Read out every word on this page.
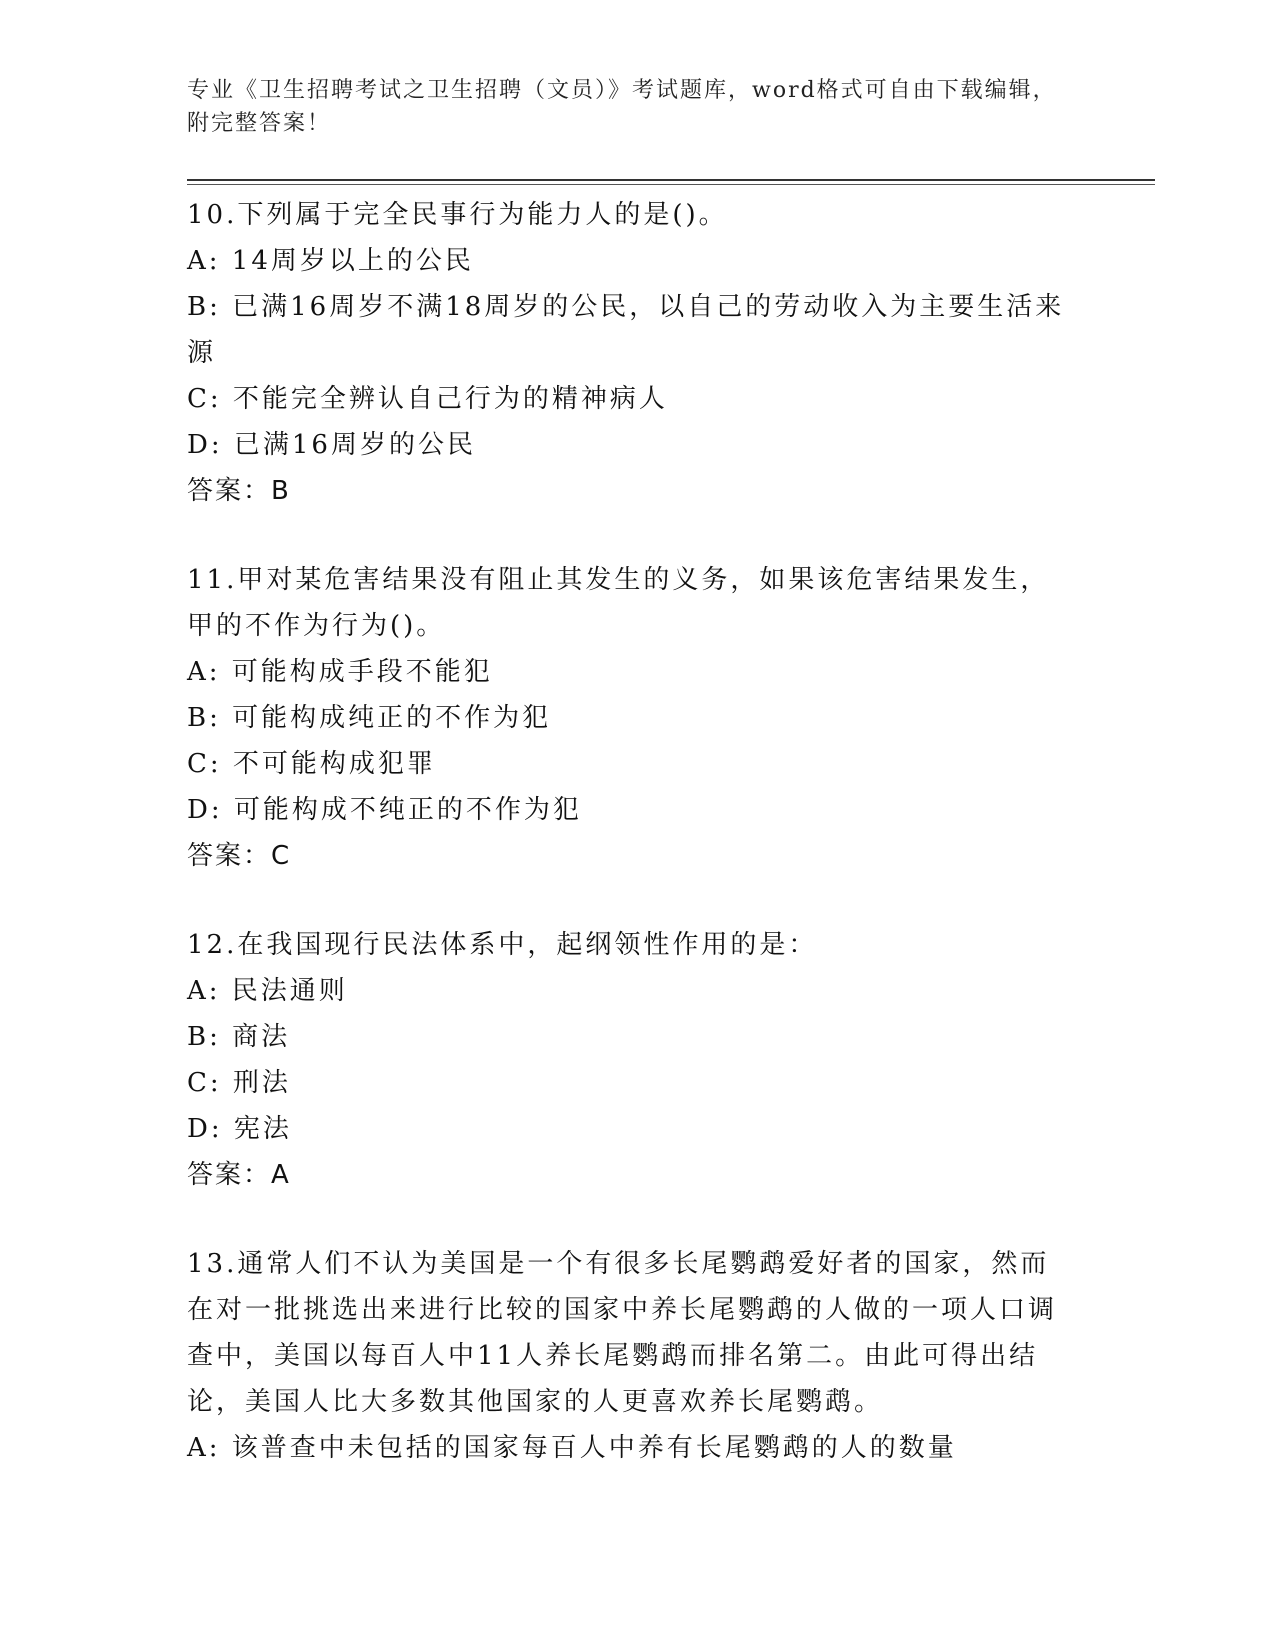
专业《卫生招聘考试之卫生招聘（文员）》考试题库，word格式可自由下载编辑，附完整答案！

10.下列属于完全民事行为能力人的是()。

A: 14周岁以上的公民

B: 已满16周岁不满18周岁的公民，以自己的劳动收入为主要生活来源

C: 不能完全辨认自己行为的精神病人

D: 已满16周岁的公民

答案：B

11.甲对某危害结果没有阻止其发生的义务，如果该危害结果发生，甲的不作为行为()。

A: 可能构成手段不能犯

B: 可能构成纯正的不作为犯

C: 不可能构成犯罪

D: 可能构成不纯正的不作为犯

答案：C

12.在我国现行民法体系中，起纲领性作用的是：

A: 民法通则

B: 商法

C: 刑法

D: 宪法

答案：A

13.通常人们不认为美国是一个有很多长尾鹦鹉爱好者的国家，然而在对一批挑选出来进行比较的国家中养长尾鹦鹉的人做的一项人口调查中，美国以每百人中11人养长尾鹦鹉而排名第二。由此可得出结论，美国人比大多数其他国家的人更喜欢养长尾鹦鹉。

A: 该普查中未包括的国家每百人中养有长尾鹦鹉的人的数量
